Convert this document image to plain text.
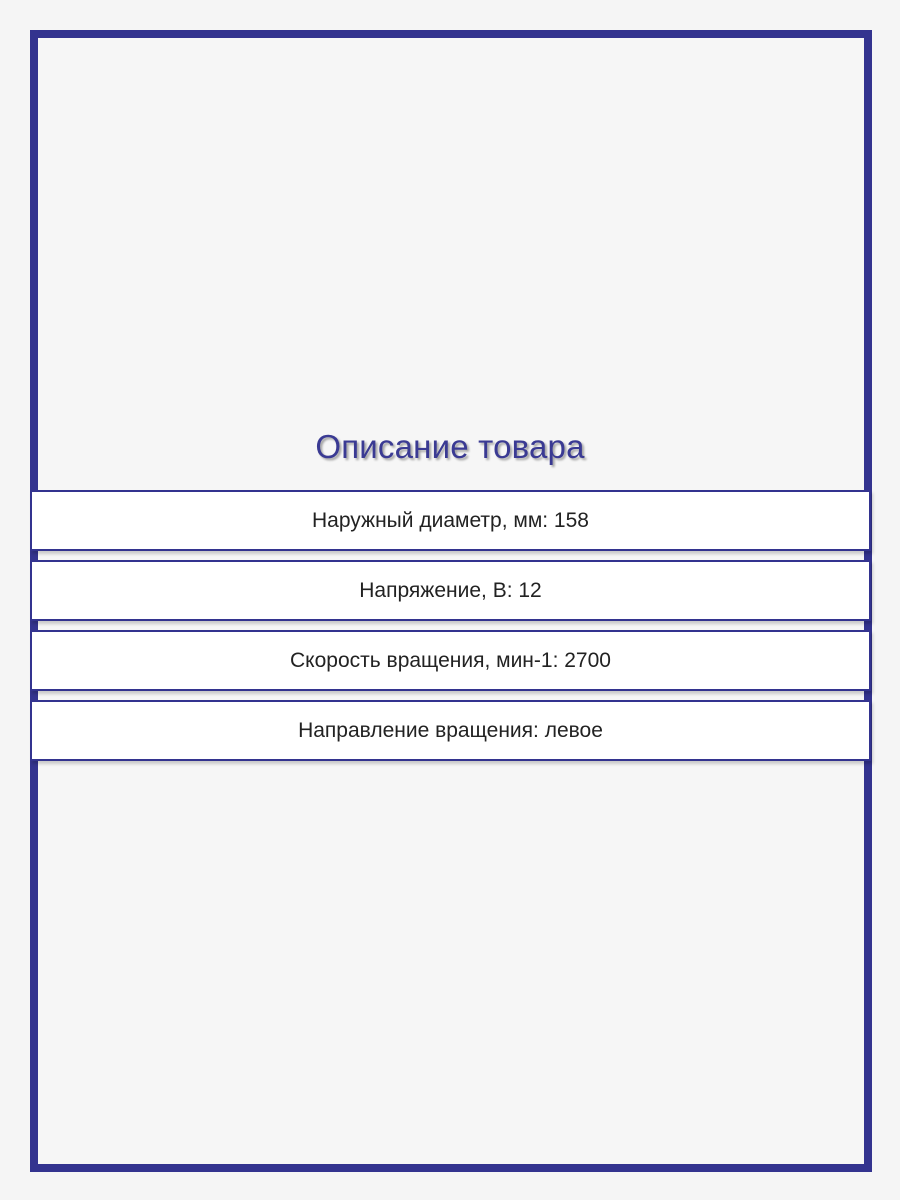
Описание товара
Наружный диаметр, мм: 158
Напряжение, В: 12
Скорость вращения, мин-1: 2700
Направление вращения: левое
